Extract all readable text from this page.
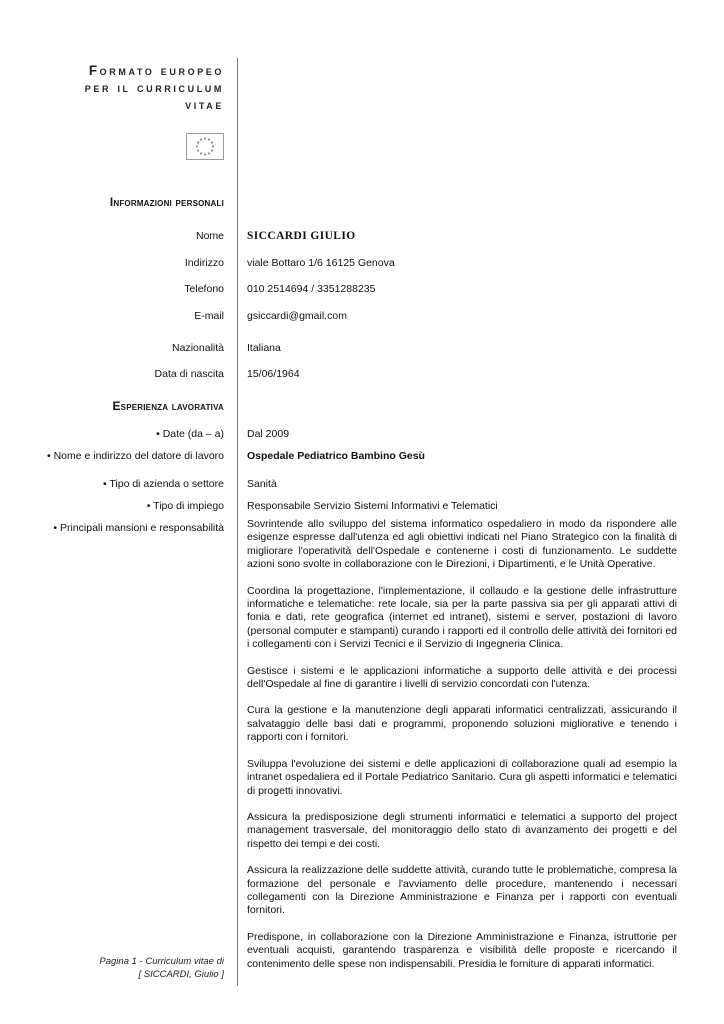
Formato europeo
per il curriculum
vitae
Informazioni personali
Nome	SICCARDI GIULIO
Indirizzo	viale Bottaro 1/6 16125 Genova
Telefono	010 2514694 / 3351288235
E-mail	gsiccardi@gmail.com
Nazionalità	Italiana
Data di nascita	15/06/1964
Esperienza lavorativa
• Date (da – a)	Dal 2009
• Nome e indirizzo del datore di lavoro	Ospedale Pediatrico Bambino Gesù
• Tipo di azienda o settore	Sanità
• Tipo di impiego	Responsabile Servizio Sistemi Informativi e Telematici
• Principali mansioni e responsabilità	Sovrintende allo sviluppo del sistema informatico ospedaliero in modo da rispondere alle esigenze espresse dall'utenza ed agli obiettivi indicati nel Piano Strategico con la finalità di migliorare l'operatività dell'Ospedale e contenerne i costi di funzionamento. Le suddette azioni sono svolte in collaborazione con le Direzioni, i Dipartimenti, e le Unità Operative.

Coordina la progettazione, l'implementazione, il collaudo e la gestione delle infrastrutture informatiche e telematiche: rete locale, sia per la parte passiva sia per gli apparati attivi di fonia e dati, rete geografica (internet ed intranet), sistemi e server, postazioni di lavoro (personal computer e stampanti) curando i rapporti ed il controllo delle attività dei fornitori ed i collegamenti con i Servizi Tecnici e il Servizio di Ingegneria Clinica.

Gestisce i sistemi e le applicazioni informatiche a supporto delle attività e dei processi dell'Ospedale al fine di garantire i livelli di servizio concordati con l'utenza.

Cura la gestione e la manutenzione degli apparati informatici centralizzati, assicurando il salvataggio delle basi dati e programmi, proponendo soluzioni migliorative e tenendo i rapporti con i fornitori.

Sviluppa l'evoluzione dei sistemi e delle applicazioni di collaborazione quali ad esempio la intranet ospedaliera ed il Portale Pediatrico Sanitario. Cura gli aspetti informatici e telematici di progetti innovativi.

Assicura la predisposizione degli strumenti informatici e telematici a supporto del project management trasversale, del monitoraggio dello stato di avanzamento dei progetti e del rispetto dei tempi e dei costi.

Assicura la realizzazione delle suddette attività, curando tutte le problematiche, compresa la formazione del personale e l'avviamento delle procedure, mantenendo i necessari collegamenti con la Direzione Amministrazione e Finanza per i rapporti con eventuali fornitori.

Predispone, in collaborazione con la Direzione Amministrazione e Finanza, istruttorie per eventuali acquisti, garantendo trasparenza e visibilità delle proposte e ricercando il contenimento delle spese non indispensabili. Presidia le forniture di apparati informatici.

Pagina 1 - Curriculum vitae di
[ SICCARDI, Giulio ]
